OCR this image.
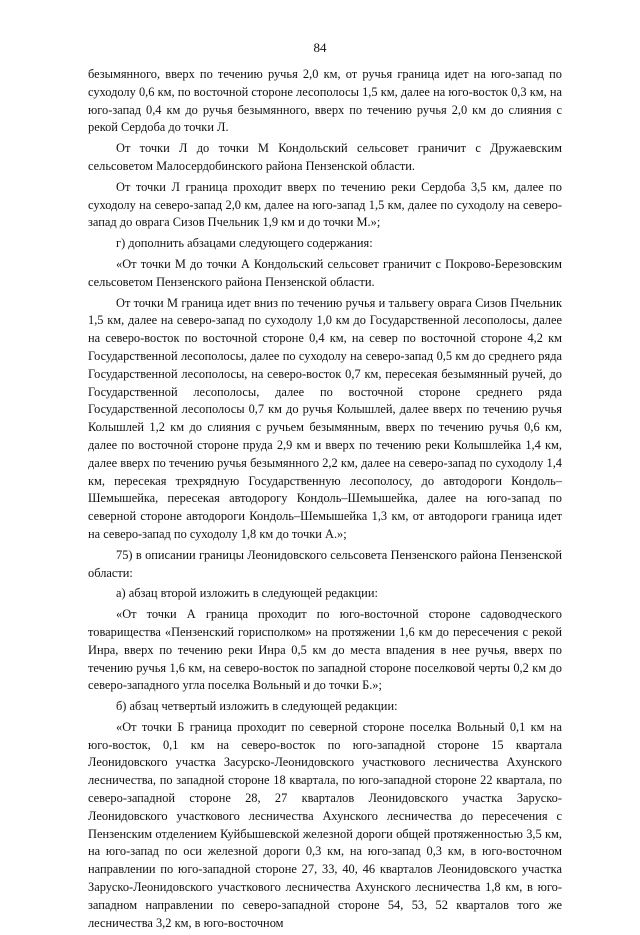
84

безымянного, вверх по течению ручья 2,0 км, от ручья граница идет на юго-запад по суходолу 0,6 км, по восточной стороне лесополосы 1,5 км, далее на юго-восток 0,3 км, на юго-запад 0,4 км до ручья безымянного, вверх по течению ручья 2,0 км до слияния с рекой Сердоба до точки Л.

От точки Л до точки М Кондольский сельсовет граничит с Дружаевским сельсоветом Малосердобинского района Пензенской области.

От точки Л граница проходит вверх по течению реки Сердоба 3,5 км, далее по суходолу на северо-запад 2,0 км, далее на юго-запад 1,5 км, далее по суходолу на северо-запад до оврага Сизов Пчельник 1,9 км и до точки М.»;

г) дополнить абзацами следующего содержания:

«От точки М до точки А Кондольский сельсовет граничит с Покрово-Березовским сельсоветом Пензенского района Пензенской области.

От точки М граница идет вниз по течению ручья и тальвегу оврага Сизов Пчельник 1,5 км, далее на северо-запад по суходолу 1,0 км до Государственной лесополосы, далее на северо-восток по восточной стороне 0,4 км, на север по восточной стороне 4,2 км Государственной лесополосы, далее по суходолу на северо-запад 0,5 км до среднего ряда Государственной лесополосы, на северо-восток 0,7 км, пересекая безымянный ручей, до Государственной лесополосы, далее по восточной стороне среднего ряда Государственной лесополосы 0,7 км до ручья Колышлей, далее вверх по течению ручья Колышлей 1,2 км до слияния с ручьем безымянным, вверх по течению ручья 0,6 км, далее по восточной стороне пруда 2,9 км и вверх по течению реки Колышлейка 1,4 км, далее вверх по течению ручья безымянного 2,2 км, далее на северо-запад по суходолу 1,4 км, пересекая трехрядную Государственную лесополосу, до автодороги Кондоль–Шемышейка, пересекая автодорогу Кондоль–Шемышейка, далее на юго-запад по северной стороне автодороги Кондоль–Шемышейка 1,3 км, от автодороги граница идет на северо-запад по суходолу 1,8 км до точки А.»;

75) в описании границы Леонидовского сельсовета Пензенского района Пензенской области:

а) абзац второй изложить в следующей редакции:

«От точки А граница проходит по юго-восточной стороне садоводческого товарищества «Пензенский горисполком» на протяжении 1,6 км до пересечения с рекой Инра, вверх по течению реки Инра 0,5 км до места впадения в нее ручья, вверх по течению ручья 1,6 км, на северо-восток по западной стороне поселковой черты 0,2 км до северо-западного угла поселка Вольный и до точки Б.»;

б) абзац четвертый изложить в следующей редакции:

«От точки Б граница проходит по северной стороне поселка Вольный 0,1 км на юго-восток, 0,1 км на северо-восток по юго-западной стороне 15 квартала Леонидовского участка Засурско-Леонидовского участкового лесничества Ахунского лесничества, по западной стороне 18 квартала, по юго-западной стороне 22 квартала, по северо-западной стороне 28, 27 кварталов Леонидовского участка Заруско-Леонидовского участкового лесничества Ахунского лесничества до пересечения с Пензенским отделением Куйбышевской железной дороги общей протяженностью 3,5 км, на юго-запад по оси железной дороги 0,3 км, на юго-запад 0,3 км, в юго-восточном направлении по юго-западной стороне 27, 33, 40, 46 кварталов Леонидовского участка Заруско-Леонидовского участкового лесничества Ахунского лесничества 1,8 км, в юго-западном направлении по северо-западной стороне 54, 53, 52 кварталов того же лесничества 3,2 км, в юго-восточном
